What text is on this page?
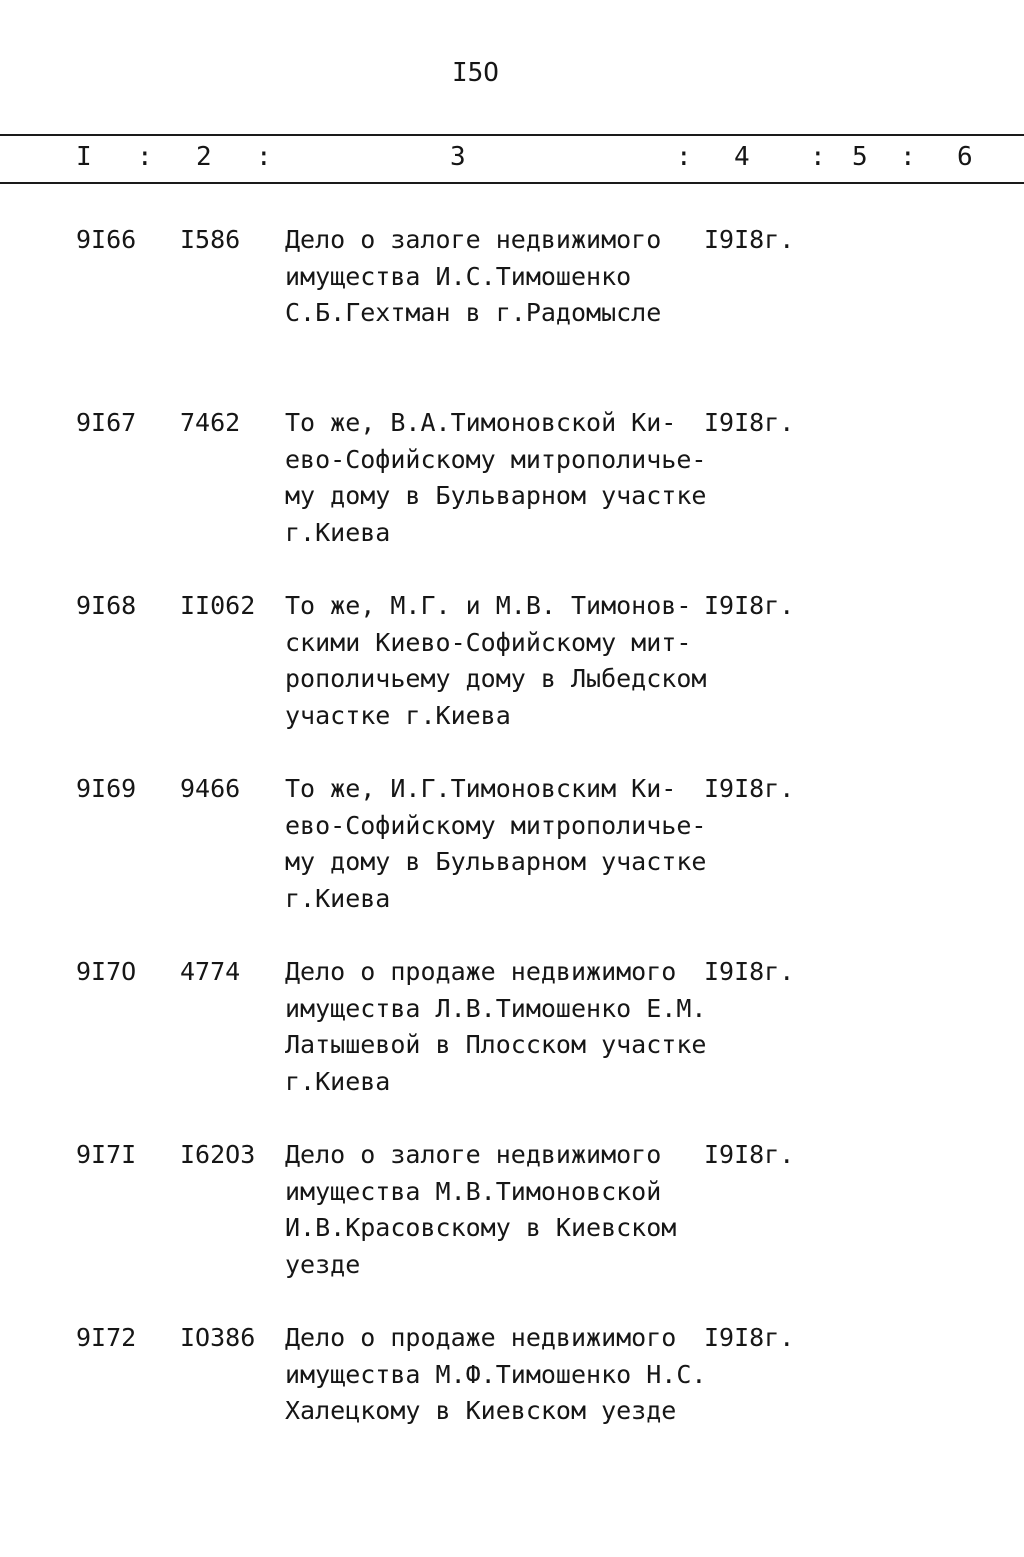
I5O
I : 2 :	3	: 4 : 5 : 6
9I66 I586 Дело о залоге недвижимого
имущества И.С.Тимошенко
С.Б.Гехтман в г.Радомысле
I9I8г.
9I67 7462 То же, В.А.Тимоновской Ки-
ево-Софийскому митрополичье-
му дому в Бульварном участке
г.Киева
I9I8г.
9I68 II062 То же, М.Г. и М.В. Тимонов-
скими Киево-Софийскому мит-
рополичьему дому в Лыбедском
участке г.Киева
I9I8г.
9I69 9466 То же, И.Г.Тимоновским Ки-
ево-Софийскому митрополичье-
му дому в Бульварном участке
г.Киева
I9I8г.
9I7O 4774 Дело о продаже недвижимого
имущества Л.В.Тимошенко Е.М.
Латышевой в Плосском участке
г.Киева
I9I8г.
9I7I I62O3 Дело о залоге недвижимого
имущества М.В.Тимоновской
И.В.Красовскому в Киевском
уезде
I9I8г.
9I72 IO386 Дело о продаже недвижимого
имущества М.Ф.Тимошенко Н.С.
Халецкому в Киевском уезде
I9I8г.
